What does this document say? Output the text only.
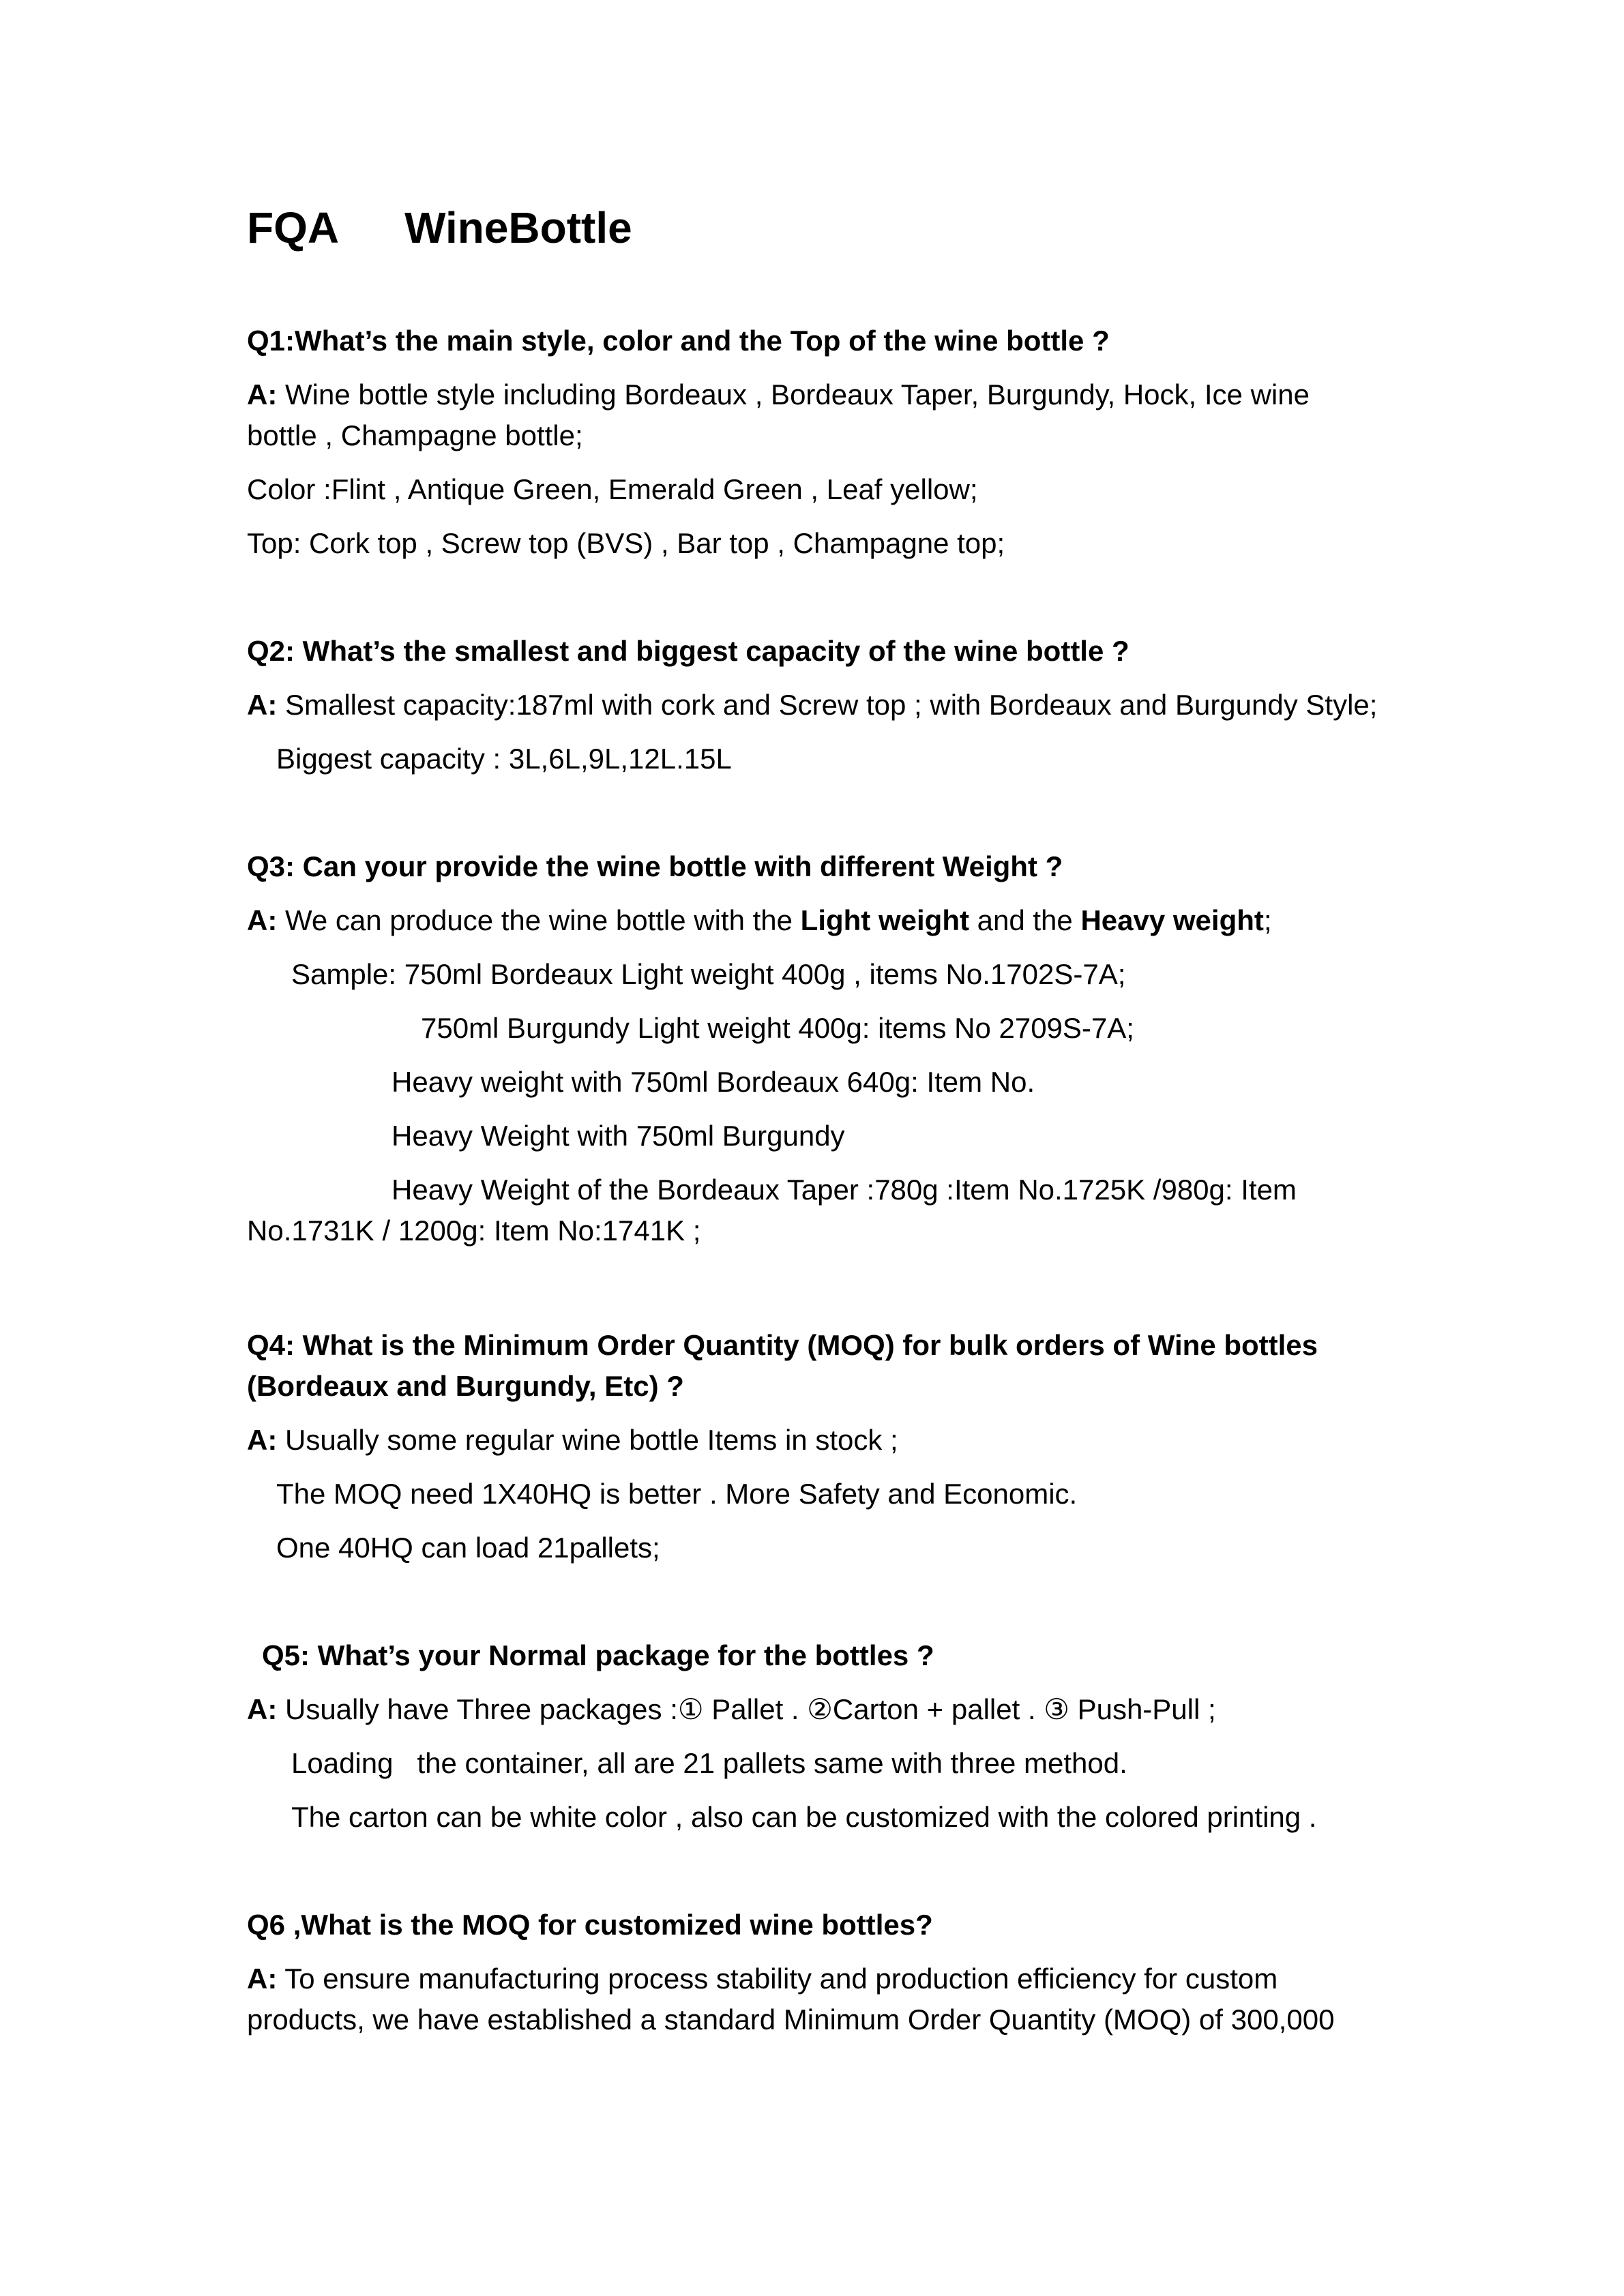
FQA WineBottle
Q1:What’s the main style, color and the Top of the wine bottle ?
A: Wine bottle style including Bordeaux , Bordeaux Taper, Burgundy, Hock, Ice wine
bottle , Champagne bottle;
Color :Flint , Antique Green, Emerald Green , Leaf yellow;
Top: Cork top , Screw top (BVS) , Bar top , Champagne top;
Q2: What’s the smallest and biggest capacity of the wine bottle ?
A: Smallest capacity:187ml with cork and Screw top ; with Bordeaux and Burgundy Style;
Biggest capacity : 3L,6L,9L,12L.15L
Q3: Can your provide the wine bottle with different Weight ?
A: We can produce the wine bottle with the Light weight and the Heavy weight;
Sample: 750ml Bordeaux Light weight 400g , items No.1702S-7A;
750ml Burgundy Light weight 400g: items No 2709S-7A;
Heavy weight with 750ml Bordeaux 640g: Item No.
Heavy Weight with 750ml Burgundy
Heavy Weight of the Bordeaux Taper :780g :Item No.1725K /980g: Item
No.1731K / 1200g: Item No:1741K ;
Q4: What is the Minimum Order Quantity (MOQ) for bulk orders of Wine bottles
(Bordeaux and Burgundy, Etc) ?
A: Usually some regular wine bottle Items in stock ;
The MOQ need 1X40HQ is better . More Safety and Economic.
One 40HQ can load 21pallets;
Q5: What’s your Normal package for the bottles ?
A: Usually have Three packages :① Pallet . ②Carton + pallet . ③ Push-Pull ;
Loading   the container, all are 21 pallets same with three method.
The carton can be white color , also can be customized with the colored printing .
Q6 ,What is the MOQ for customized wine bottles?
A: To ensure manufacturing process stability and production efficiency for custom
products, we have established a standard Minimum Order Quantity (MOQ) of 300,000
